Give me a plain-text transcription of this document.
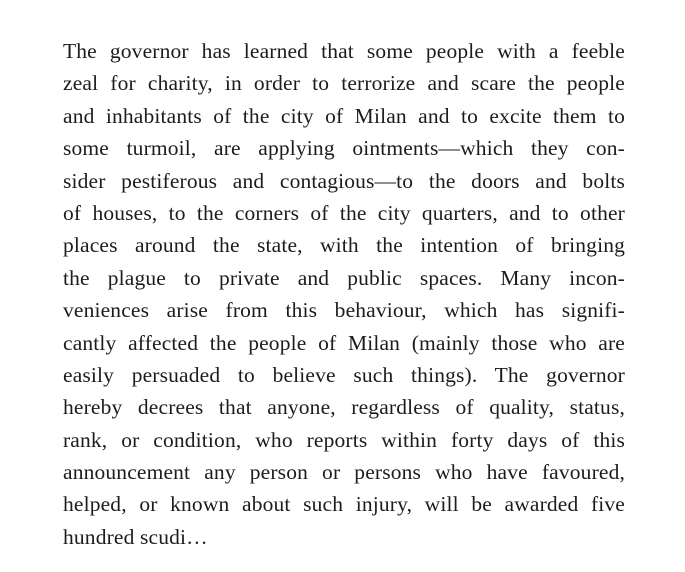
The governor has learned that some people with a feeble
zeal for charity, in order to terrorize and scare the people
and inhabitants of the city of Milan and to excite them to
some turmoil, are applying ointments—which they con-
sider pestiferous and contagious—to the doors and bolts
of houses, to the corners of the city quarters, and to other
places around the state, with the intention of bringing
the plague to private and public spaces. Many incon-
veniences arise from this behaviour, which has signifi-
cantly affected the people of Milan (mainly those who are
easily persuaded to believe such things). The governor
hereby decrees that anyone, regardless of quality, status,
rank, or condition, who reports within forty days of this
announcement any person or persons who have favoured,
helped, or known about such injury, will be awarded five
hundred scudi…
